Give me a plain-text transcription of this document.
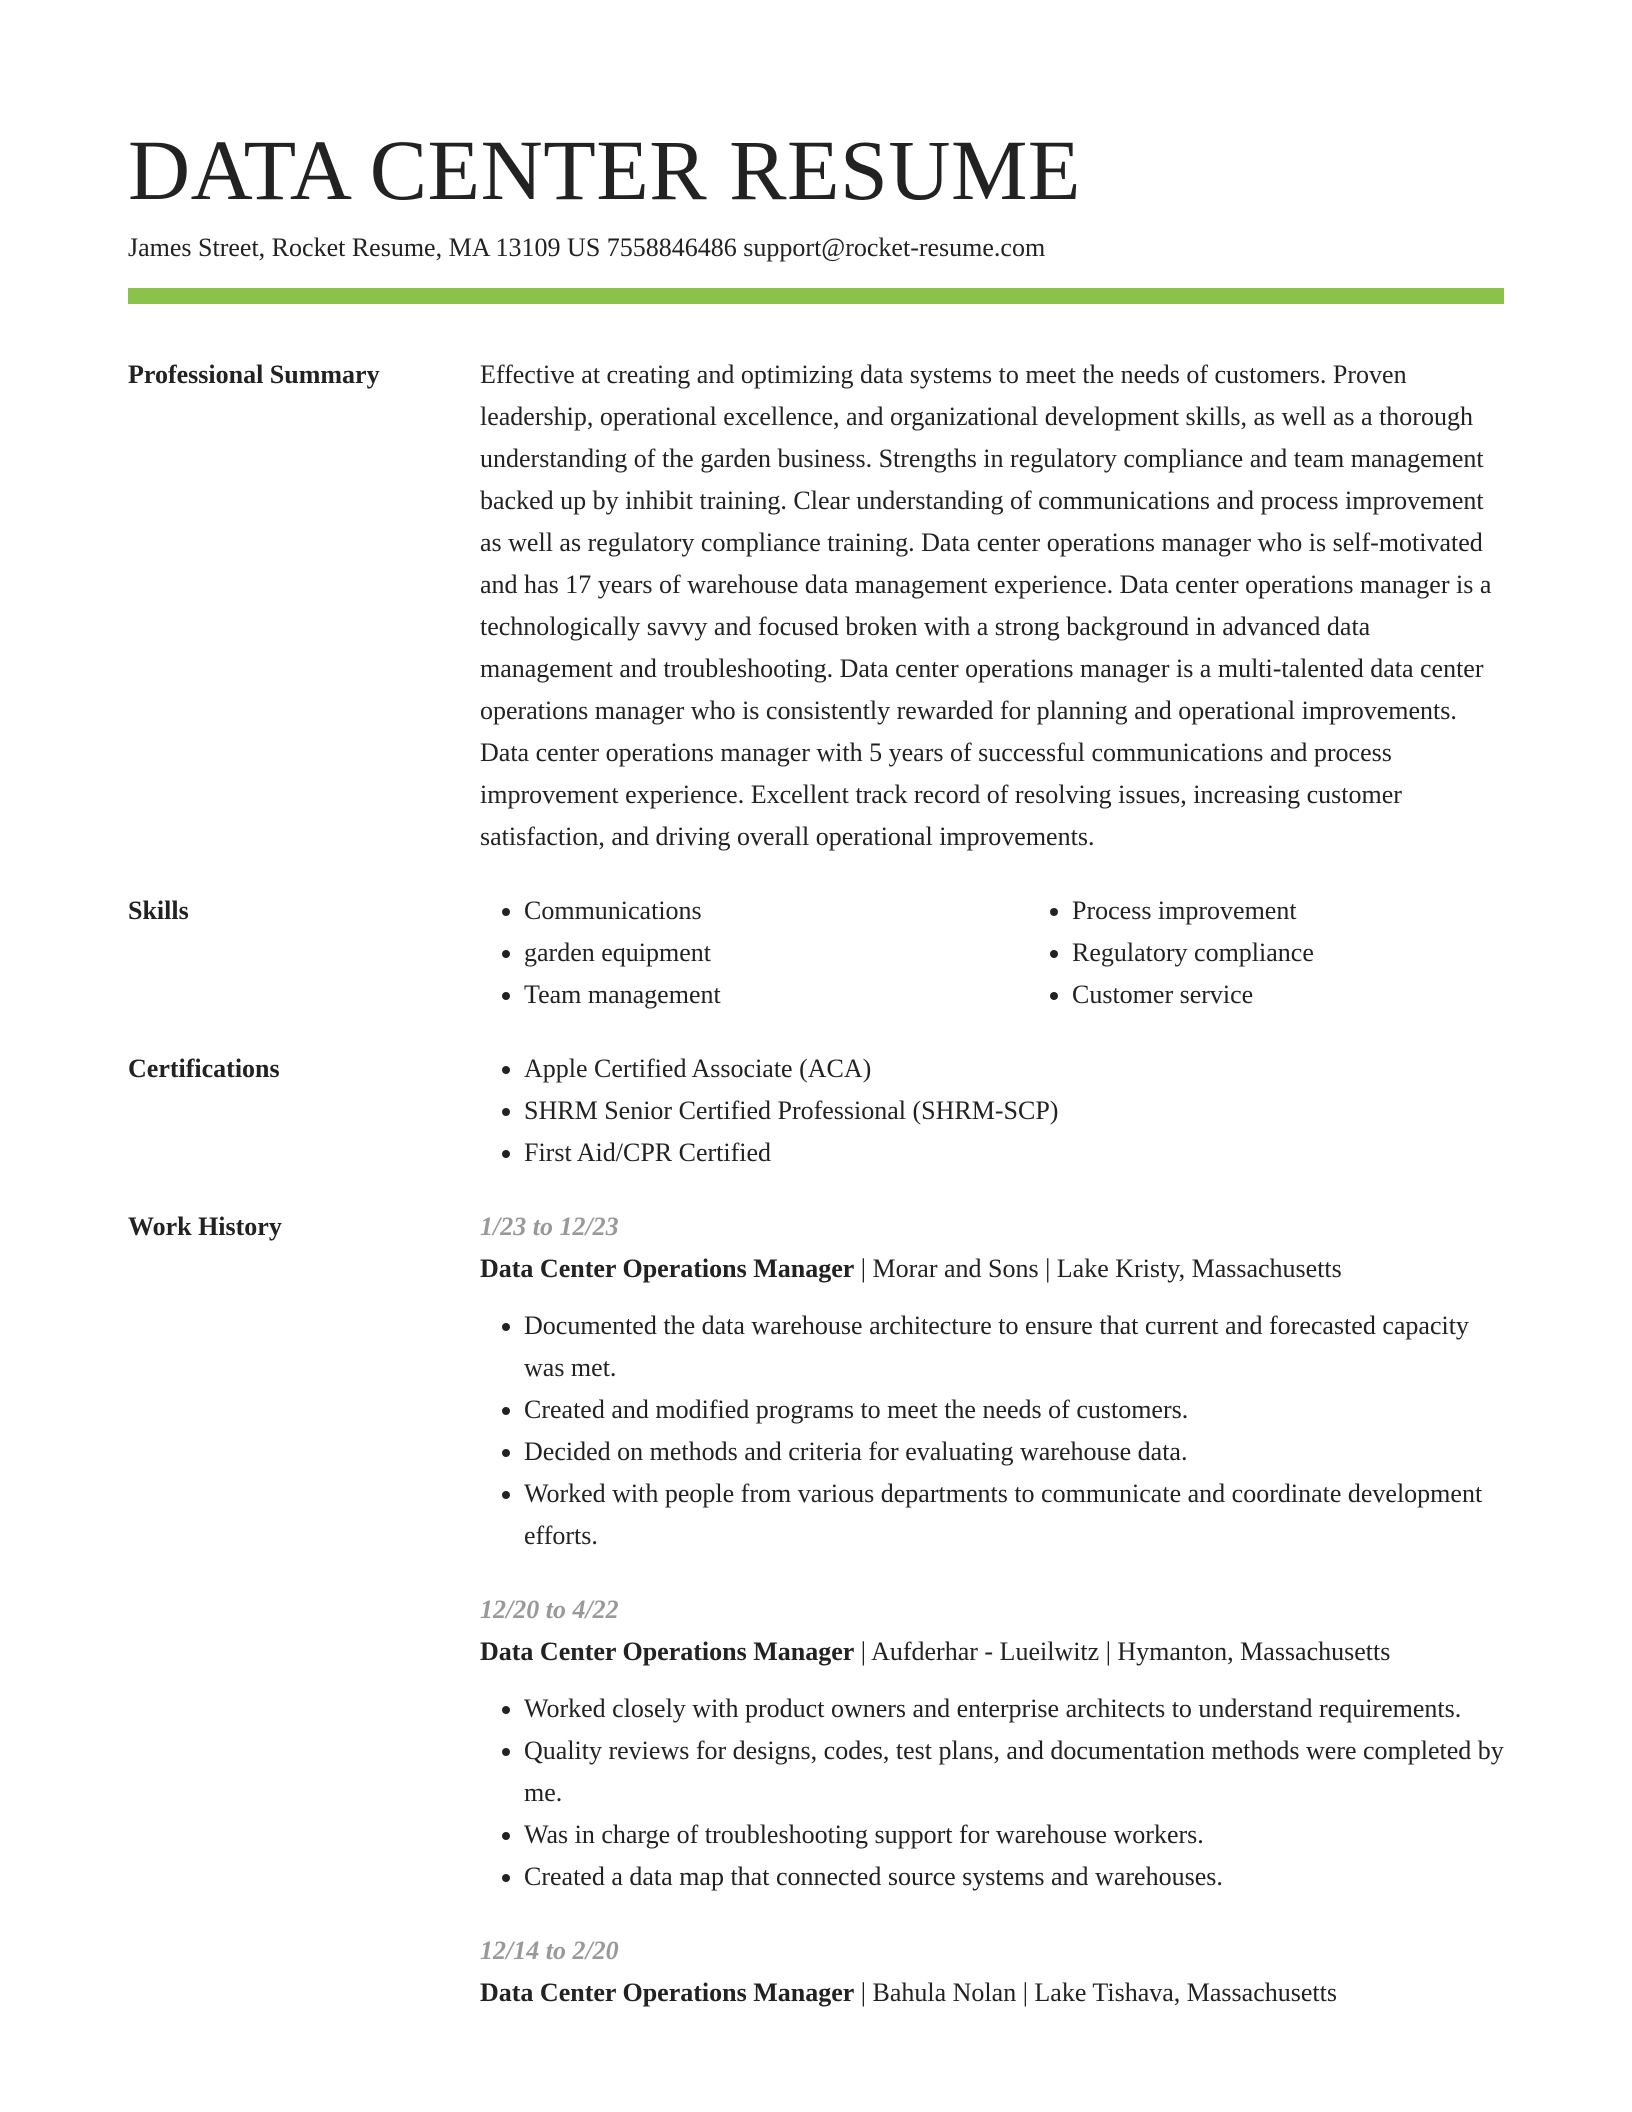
DATA CENTER RESUME
James Street, Rocket Resume, MA 13109 US 7558846486 support@rocket-resume.com
Professional Summary	Effective at creating and optimizing data systems to meet the needs of customers. Proven leadership, operational excellence, and organizational development skills, as well as a thorough understanding of the garden business. Strengths in regulatory compliance and team management backed up by inhibit training. Clear understanding of communications and process improvement as well as regulatory compliance training. Data center operations manager who is self-motivated and has 17 years of warehouse data management experience. Data center operations manager is a technologically savvy and focused broken with a strong background in advanced data management and troubleshooting. Data center operations manager is a multi-talented data center operations manager who is consistently rewarded for planning and operational improvements. Data center operations manager with 5 years of successful communications and process improvement experience. Excellent track record of resolving issues, increasing customer satisfaction, and driving overall operational improvements.

Skills	• Communications
• garden equipment
• Team management
• Process improvement
• Regulatory compliance
• Customer service
Certifications	• Apple Certified Associate (ACA)
• SHRM Senior Certified Professional (SHRM-SCP)
• First Aid/CPR Certified
Work History	1/23 to 12/23
Data Center Operations Manager | Morar and Sons | Lake Kristy, Massachusetts
• Documented the data warehouse architecture to ensure that current and forecasted capacity was met.
• Created and modified programs to meet the needs of customers.
• Decided on methods and criteria for evaluating warehouse data.
• Worked with people from various departments to communicate and coordinate development efforts.
12/20 to 4/22
Data Center Operations Manager | Aufderhar - Lueilwitz | Hymanton, Massachusetts
• Worked closely with product owners and enterprise architects to understand requirements.
• Quality reviews for designs, codes, test plans, and documentation methods were completed by me.
• Was in charge of troubleshooting support for warehouse workers.
• Created a data map that connected source systems and warehouses.
12/14 to 2/20
Data Center Operations Manager | Bahula Nolan | Lake Tishava, Massachusetts
